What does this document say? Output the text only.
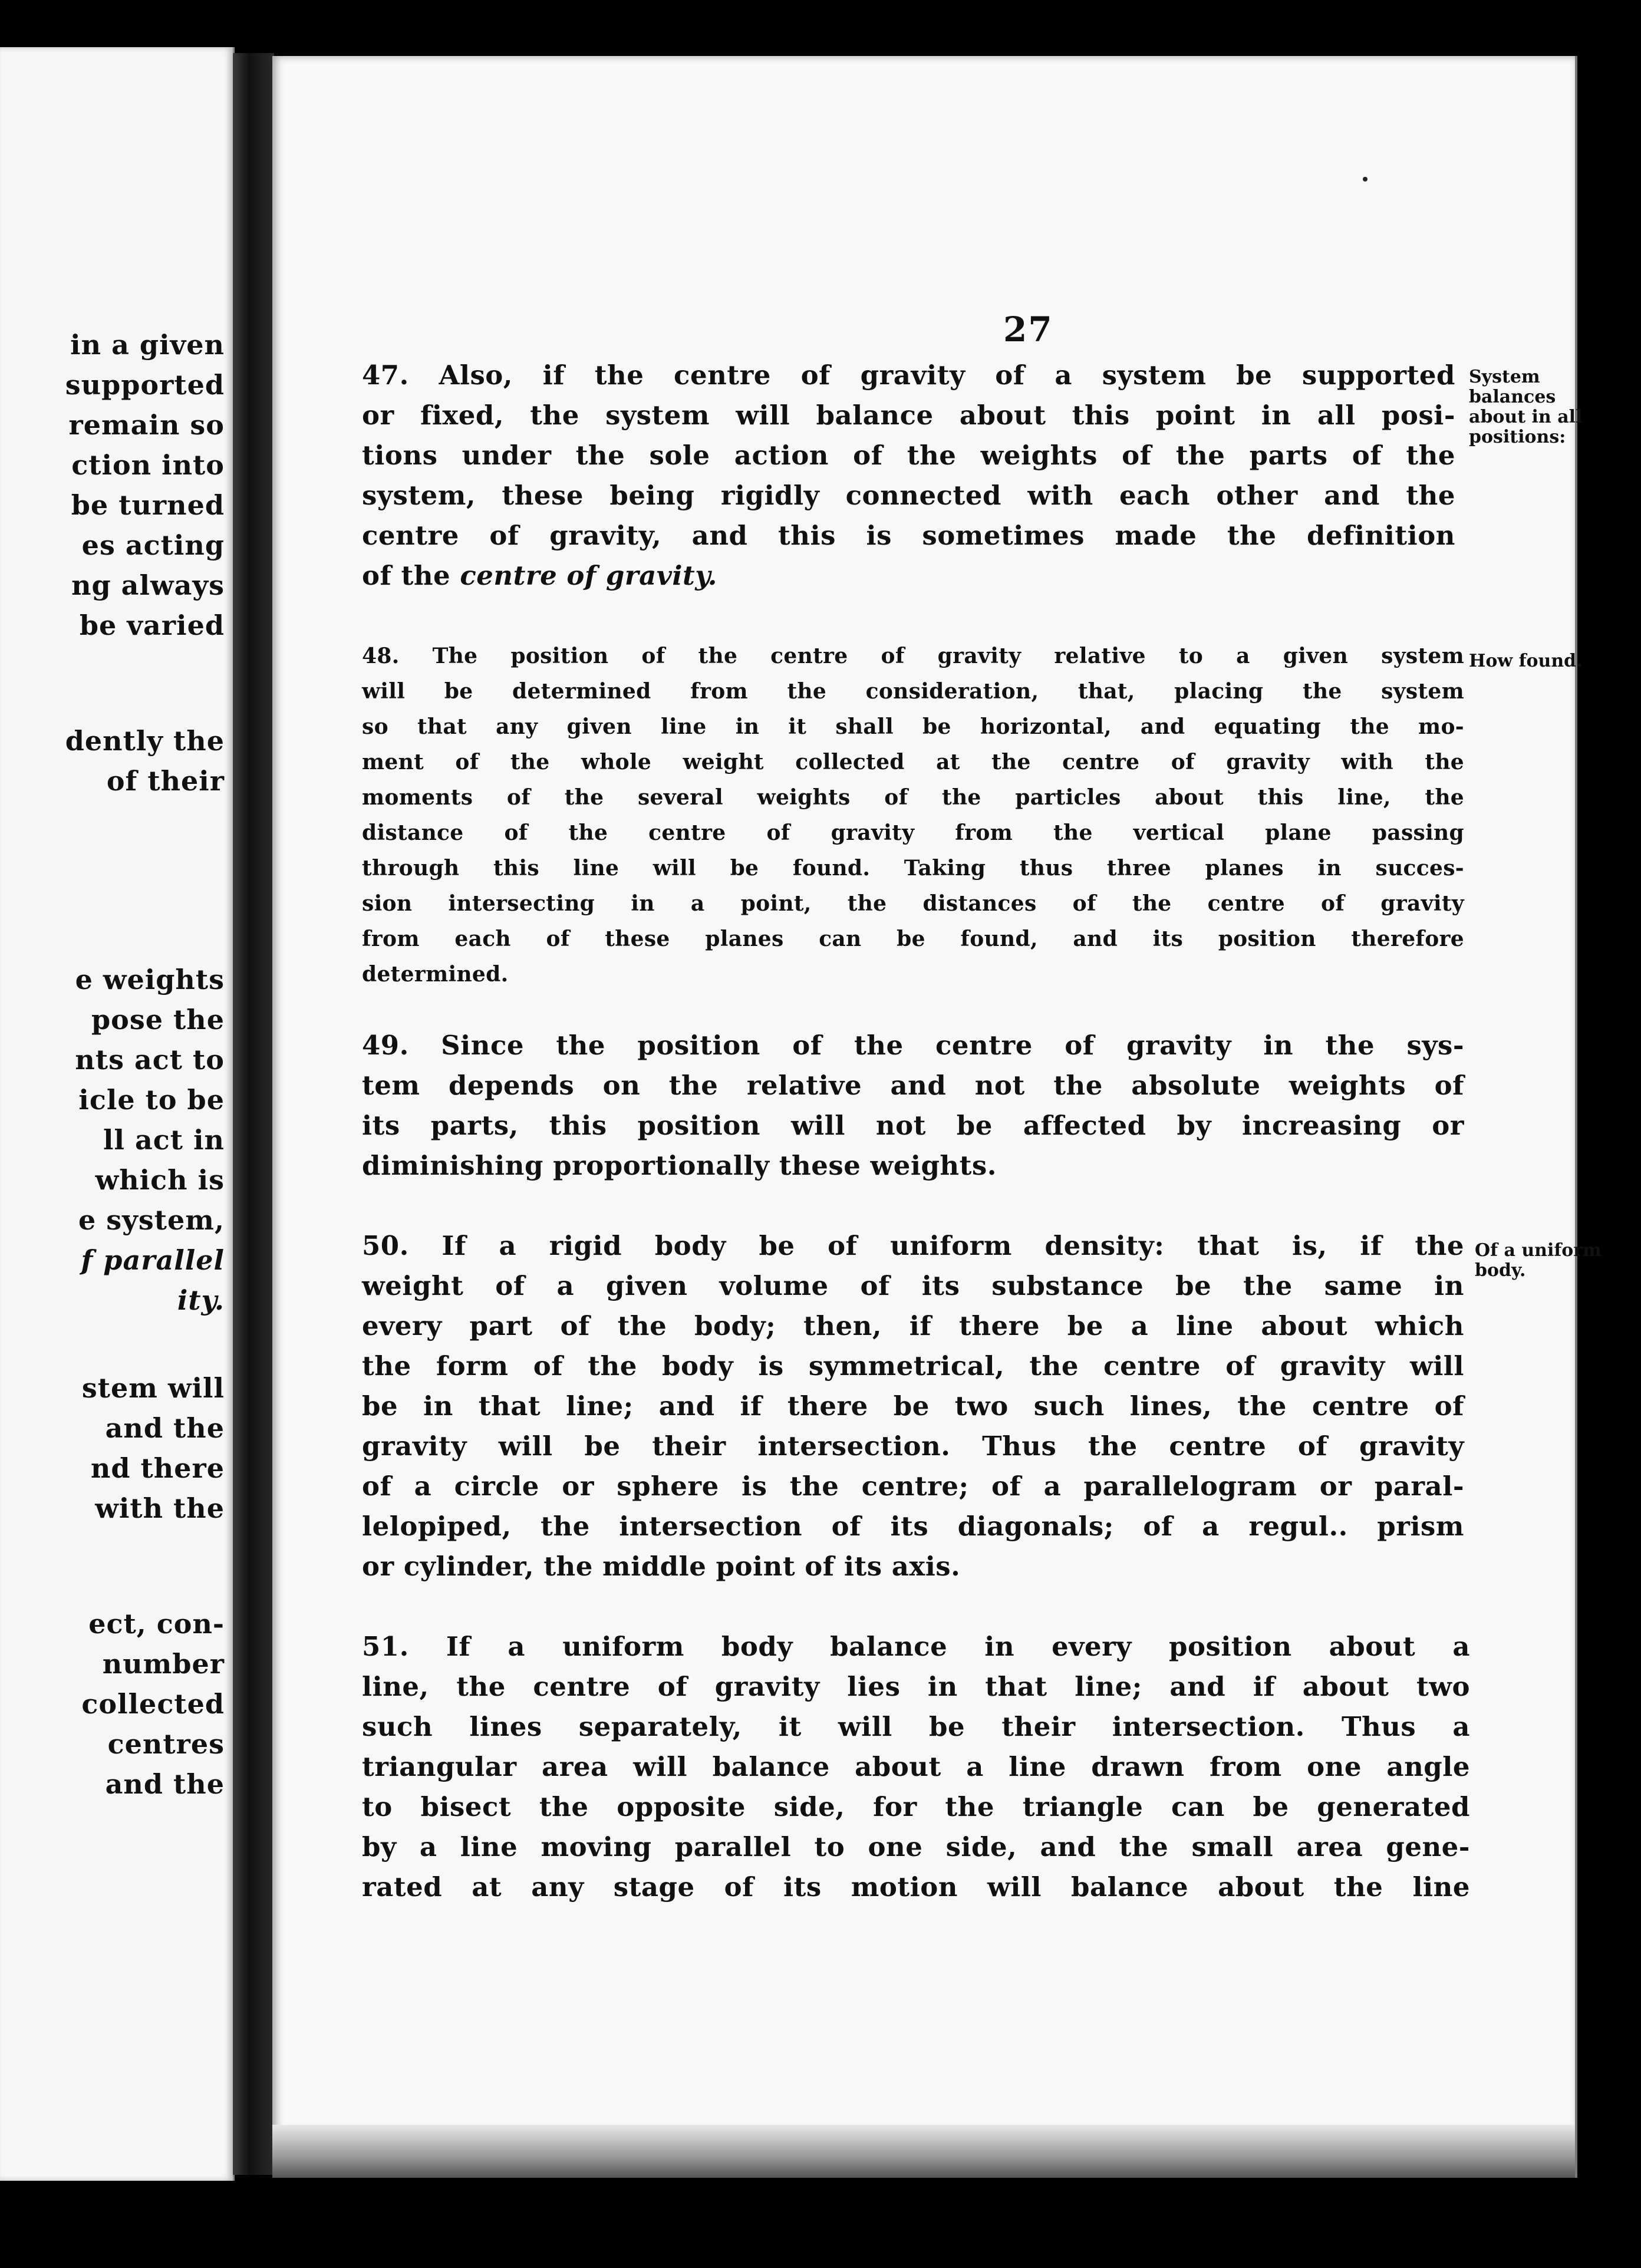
in a given
supported
remain so
ction into
be turned
es acting
ng always
be varied
dently the
of their
e weights
pose the
nts act to
icle to be
ll act in
which is
e system,
f parallel
ity.
stem will
and the
nd there
with the
ect, con-
number
collected
centres
and the
27
47. Also, if the centre of gravity of a system be supported
or fixed, the system will balance about this point in all posi-
tions under the sole action of the weights of the parts of the
system, these being rigidly connected with each other and the
centre of gravity, and this is sometimes made the definition
of the centre of gravity.
System
balances
about in all
positions:
48. The position of the centre of gravity relative to a given system
will be determined from the consideration, that, placing the system
so that any given line in it shall be horizontal, and equating the mo-
ment of the whole weight collected at the centre of gravity with the
moments of the several weights of the particles about this line, the
distance of the centre of gravity from the vertical plane passing
through this line will be found. Taking thus three planes in succes-
sion intersecting in a point, the distances of the centre of gravity
from each of these planes can be found, and its position therefore
determined.
How found.
49. Since the position of the centre of gravity in the sys-
tem depends on the relative and not the absolute weights of
its parts, this position will not be affected by increasing or
diminishing proportionally these weights.
50. If a rigid body be of uniform density: that is, if the
weight of a given volume of its substance be the same in
every part of the body; then, if there be a line about which
the form of the body is symmetrical, the centre of gravity will
be in that line; and if there be two such lines, the centre of
gravity will be their intersection. Thus the centre of gravity
of a circle or sphere is the centre; of a parallelogram or paral-
lelopiped, the intersection of its diagonals; of a regul.. prism
or cylinder, the middle point of its axis.
Of a uniform
body.
51. If a uniform body balance in every position about a
line, the centre of gravity lies in that line; and if about two
such lines separately, it will be their intersection. Thus a
triangular area will balance about a line drawn from one angle
to bisect the opposite side, for the triangle can be generated
by a line moving parallel to one side, and the small area gene-
rated at any stage of its motion will balance about the line
